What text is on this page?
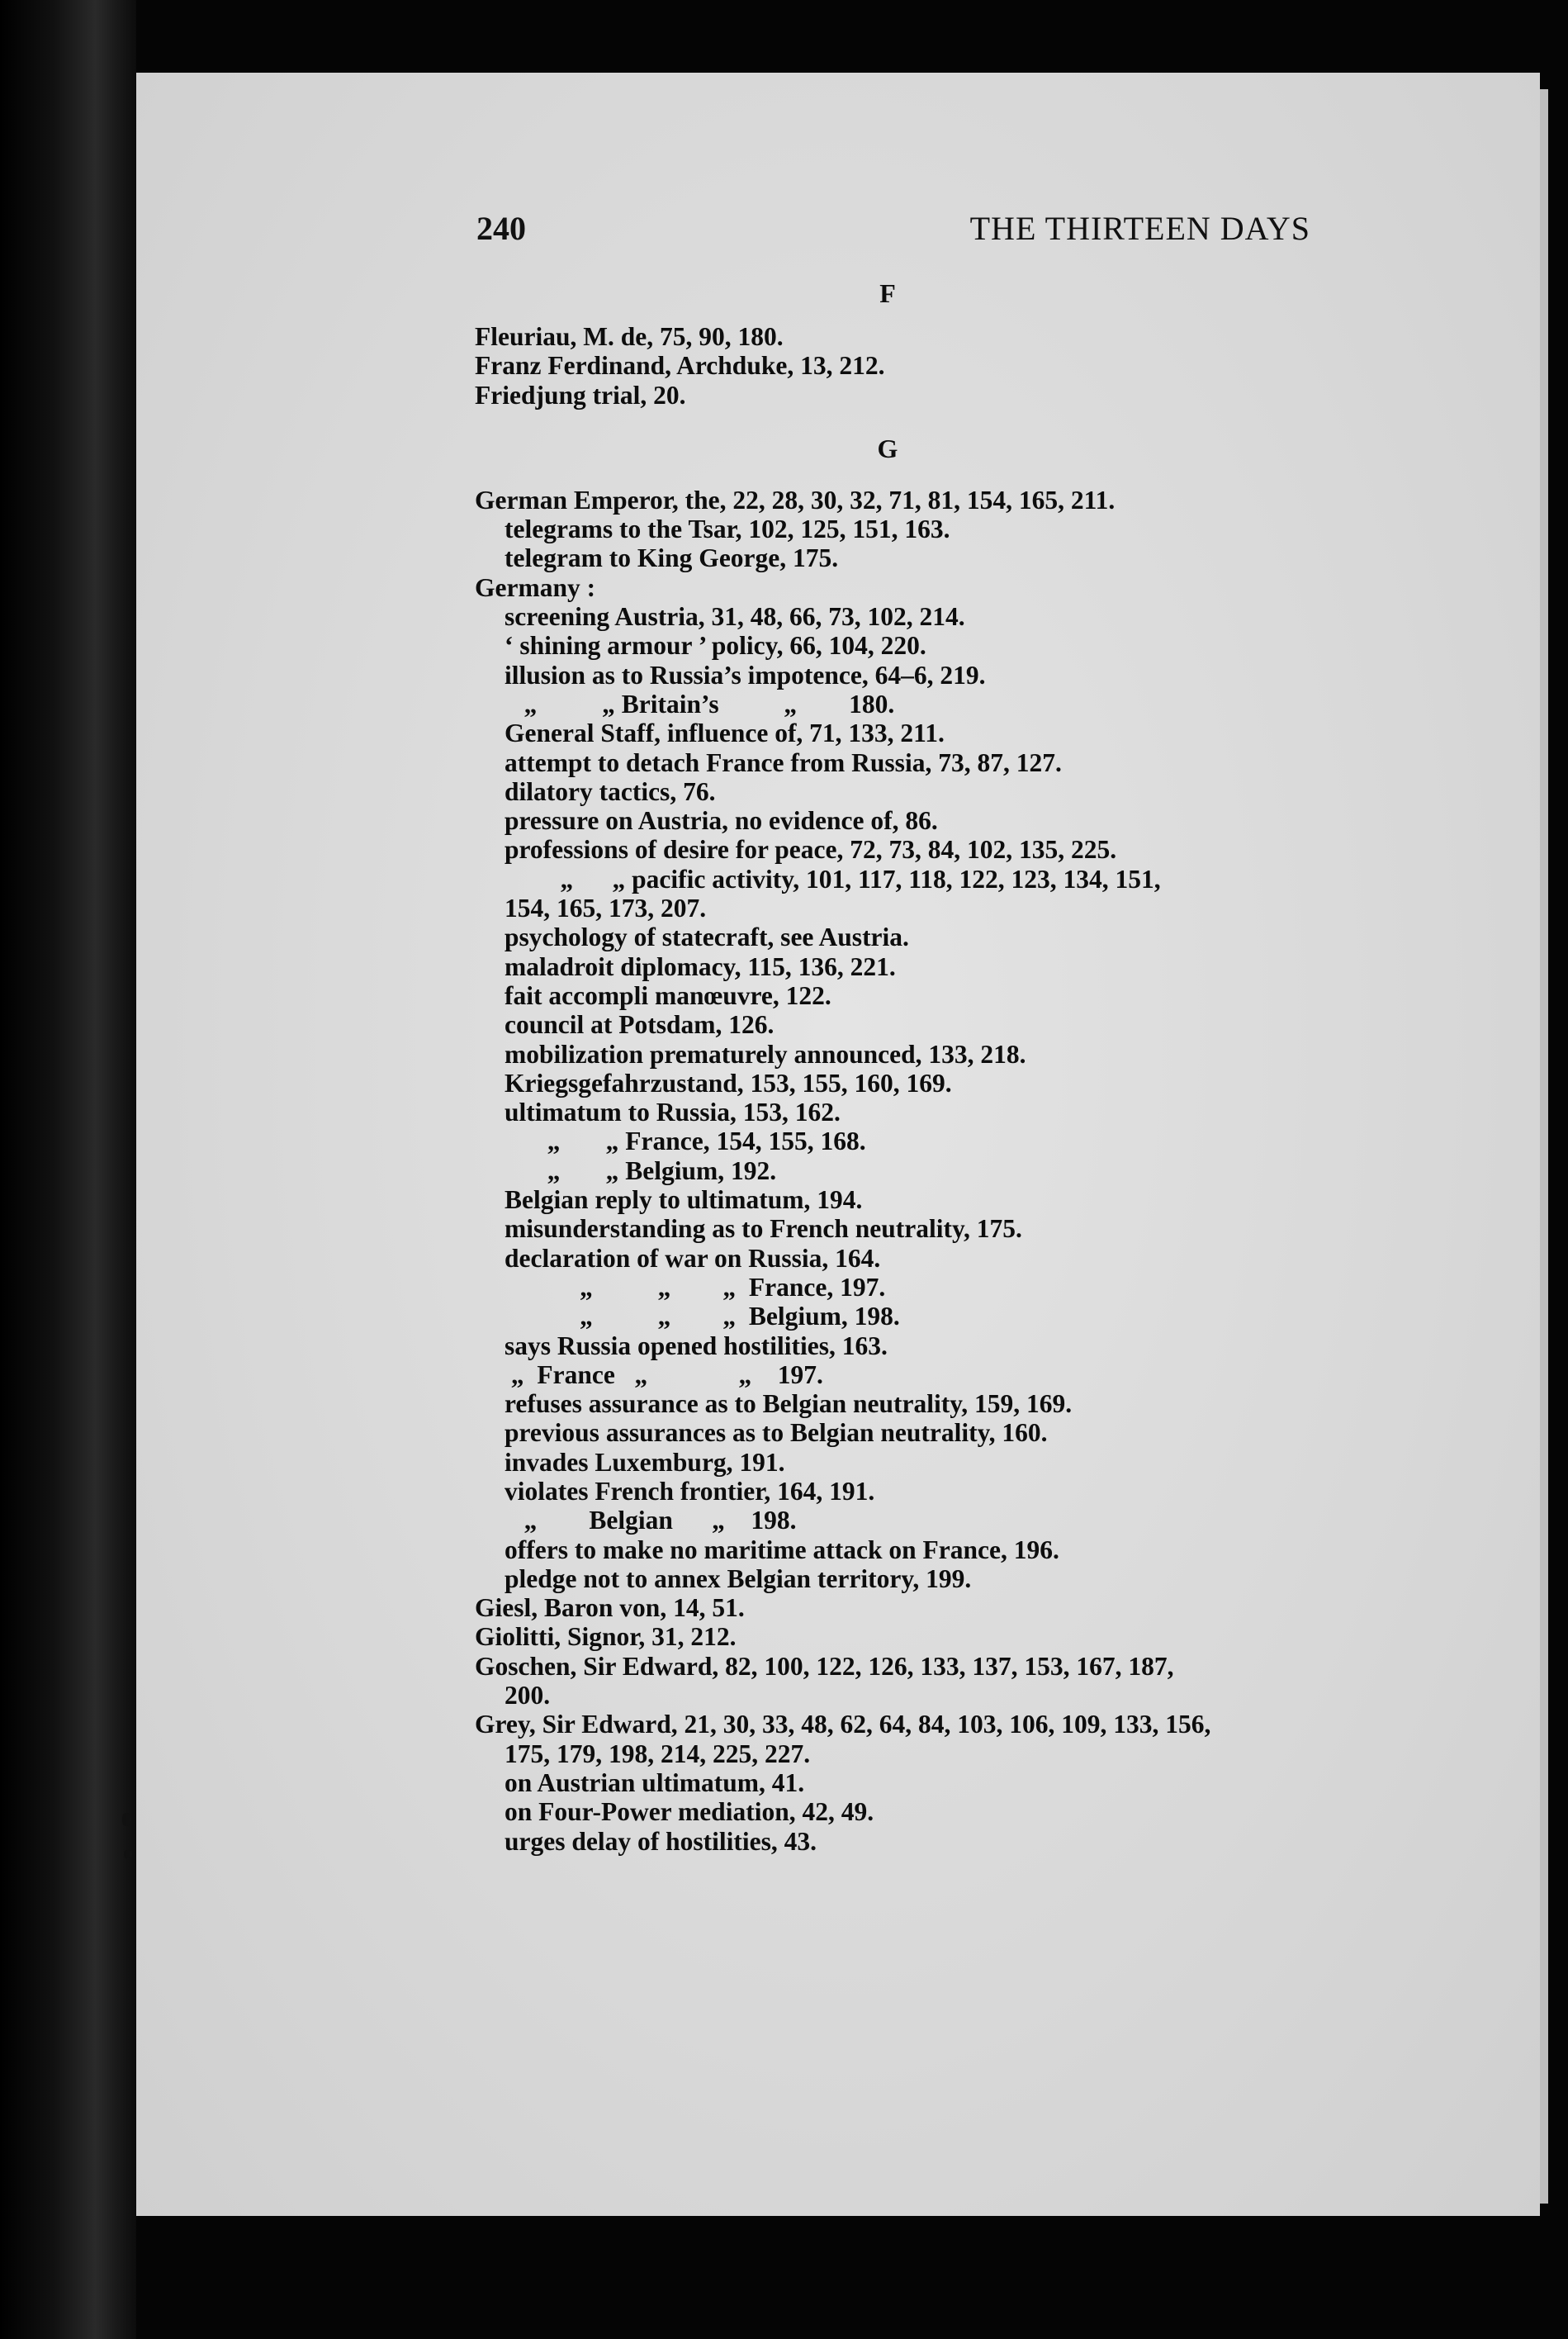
240	THE THIRTEEN DAYS
F
Fleuriau, M. de, 75, 90, 180.
Franz Ferdinand, Archduke, 13, 212.
Friedjung trial, 20.
G
German Emperor, the, 22, 28, 30, 32, 71, 81, 154, 165, 211.
telegrams to the Tsar, 102, 125, 151, 163.
telegram to King George, 175.
Germany :
screening Austria, 31, 48, 66, 73, 102, 214.
‘ shining armour ’ policy, 66, 104, 220.
illusion as to Russia’s impotence, 64–6, 219.
„          „ Britain’s          „        180.
General Staff, influence of, 71, 133, 211.
attempt to detach France from Russia, 73, 87, 127.
dilatory tactics, 76.
pressure on Austria, no evidence of, 86.
professions of desire for peace, 72, 73, 84, 102, 135, 225.
„      „ pacific activity, 101, 117, 118, 122, 123, 134, 151,
154, 165, 173, 207.
psychology of statecraft, see Austria.
maladroit diplomacy, 115, 136, 221.
fait accompli manœuvre, 122.
council at Potsdam, 126.
mobilization prematurely announced, 133, 218.
Kriegsgefahrzustand, 153, 155, 160, 169.
ultimatum to Russia, 153, 162.
„       „ France, 154, 155, 168.
„       „ Belgium, 192.
Belgian reply to ultimatum, 194.
misunderstanding as to French neutrality, 175.
declaration of war on Russia, 164.
„          „        „  France, 197.
„          „        „  Belgium, 198.
says Russia opened hostilities, 163.
„  France   „              „    197.
refuses assurance as to Belgian neutrality, 159, 169.
previous assurances as to Belgian neutrality, 160.
invades Luxemburg, 191.
violates French frontier, 164, 191.
„        Belgian      „    198.
offers to make no maritime attack on France, 196.
pledge not to annex Belgian territory, 199.
Giesl, Baron von, 14, 51.
Giolitti, Signor, 31, 212.
Goschen, Sir Edward, 82, 100, 122, 126, 133, 137, 153, 167, 187,
200.
Grey, Sir Edward, 21, 30, 33, 48, 62, 64, 84, 103, 106, 109, 133, 156,
175, 179, 198, 214, 225, 227.
on Austrian ultimatum, 41.
on Four-Power mediation, 42, 49.
urges delay of hostilities, 43.
